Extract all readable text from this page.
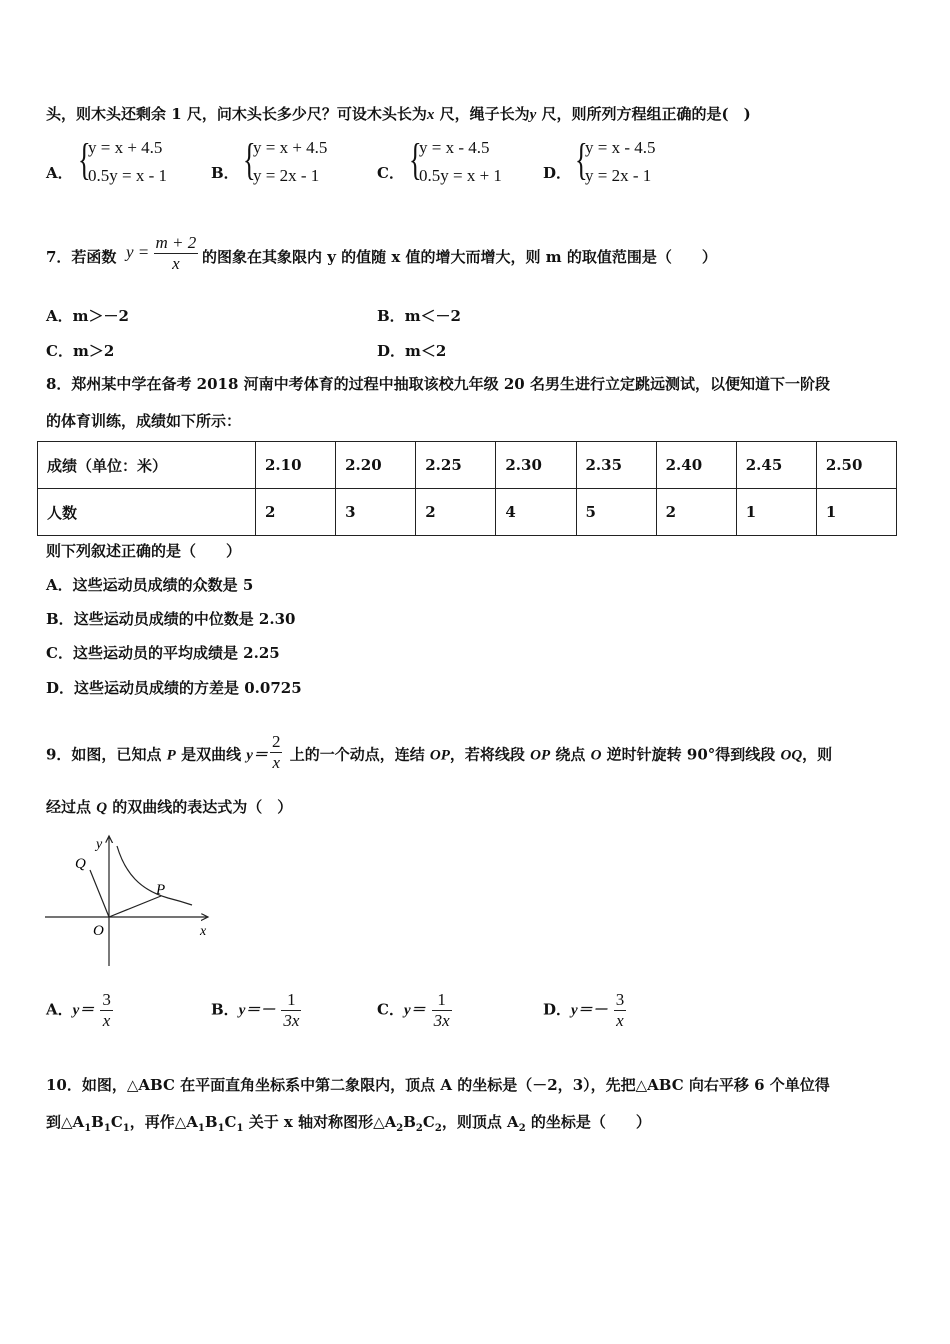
头，则木头还剩余 1 尺，问木头长多少尺？可设木头长为x 尺，绳子长为y 尺，则所列方程组正确的是(　)
A． {
y = x + 4.5
0.5y = x - 1	B． {
y = x + 4.5
y = 2x - 1	C． {
y = x - 4.5
0.5y = x + 1	D． {
y = x - 4.5
y = 2x - 1
7．若函数 $y = \frac{m + 2}{x}$ 的图象在其象限内 y 的值随 x 值的增大而增大，则 m 的取值范围是（　　）
A．m＞－2	B．m＜－2
C．m＞2	D．m＜2
8．郑州某中学在备考 2018 河南中考体育的过程中抽取该校九年级 20 名男生进行立定跳远测试，以便知道下一阶段
的体育训练，成绩如下所示：
成绩（单位：米）	2.10	2.20	2.25	2.30	2.35	2.40	2.45	2.50
人数	2	3	2	4	5	2	1	1
则下列叙述正确的是（　　）
A．这些运动员成绩的众数是 5
B．这些运动员成绩的中位数是 2.30
C．这些运动员的平均成绩是 2.25
D．这些运动员成绩的方差是 0.0725
9．如图，已知点 P 是双曲线 $y= \frac{2}{x}$ 上的一个动点，连结 OP，若将线段 OP 绕点 O 逆时针旋转 90°得到线段 OQ，则
经过点 Q 的双曲线的表达式为（　）
y
Q
P
O	x
A．$y= \frac{3}{x}$	B．$y=- \frac{1}{3x}$	C．$y= \frac{1}{3x}$	D．$y=- \frac{3}{x}$
10．如图，△ABC 在平面直角坐标系中第二象限内，顶点 A 的坐标是（－2，3），先把△ABC 向右平移 6 个单位得
到$\triangle A_1B_1C_1$，再作$\triangle A_1B_1C_1$ 关于 x 轴对称图形$\triangle A_2B_2C_2$，则顶点 $A_2$ 的坐标是（　　）
